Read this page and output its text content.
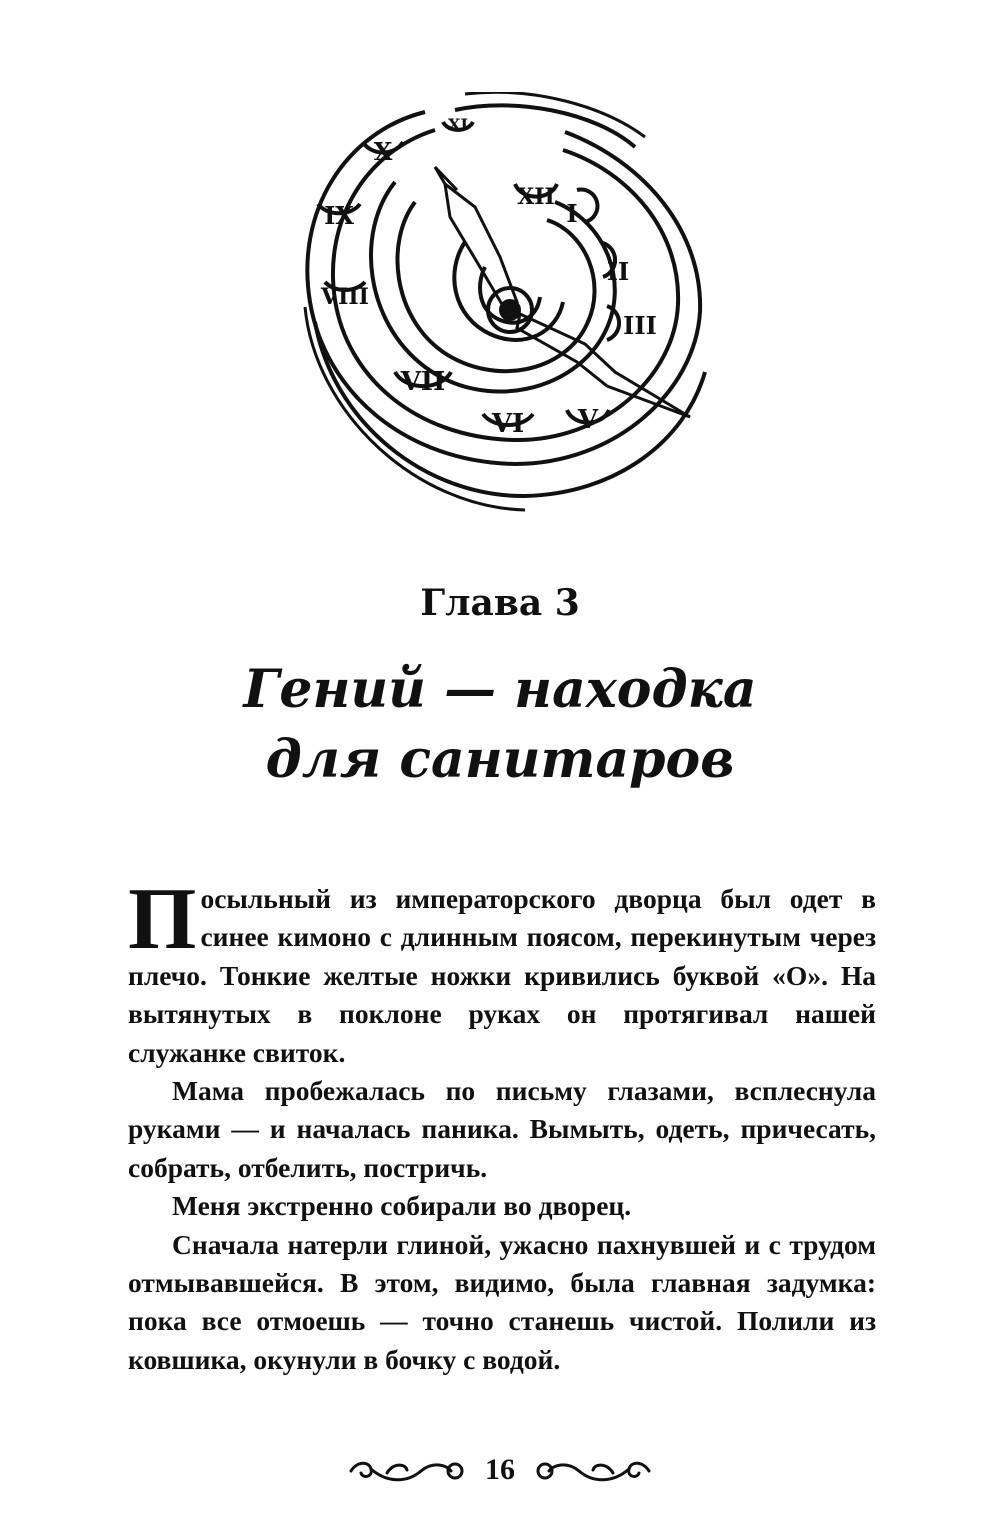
XI
X
IX
VIII
VII
VI V
III
II
I
XII
Глава 3
Гений — находка
для санитаров

Посыльный из императорского дворца был одет в синее кимоно с длинным поясом, перекинутым через плечо. Тонкие желтые ножки кривились буквой «О». На вытянутых в поклоне руках он протягивал нашей служанке свиток.

Мама пробежалась по письму глазами, всплеснула руками — и началась паника. Вымыть, одеть, причесать, собрать, отбелить, постричь.

Меня экстренно собирали во дворец.

Сначала натерли глиной, ужасно пахнувшей и с трудом отмывавшейся. В этом, видимо, была главная задумка: пока все отмоешь — точно станешь чистой. Полили из ковшика, окунули в бочку с водой.

16
